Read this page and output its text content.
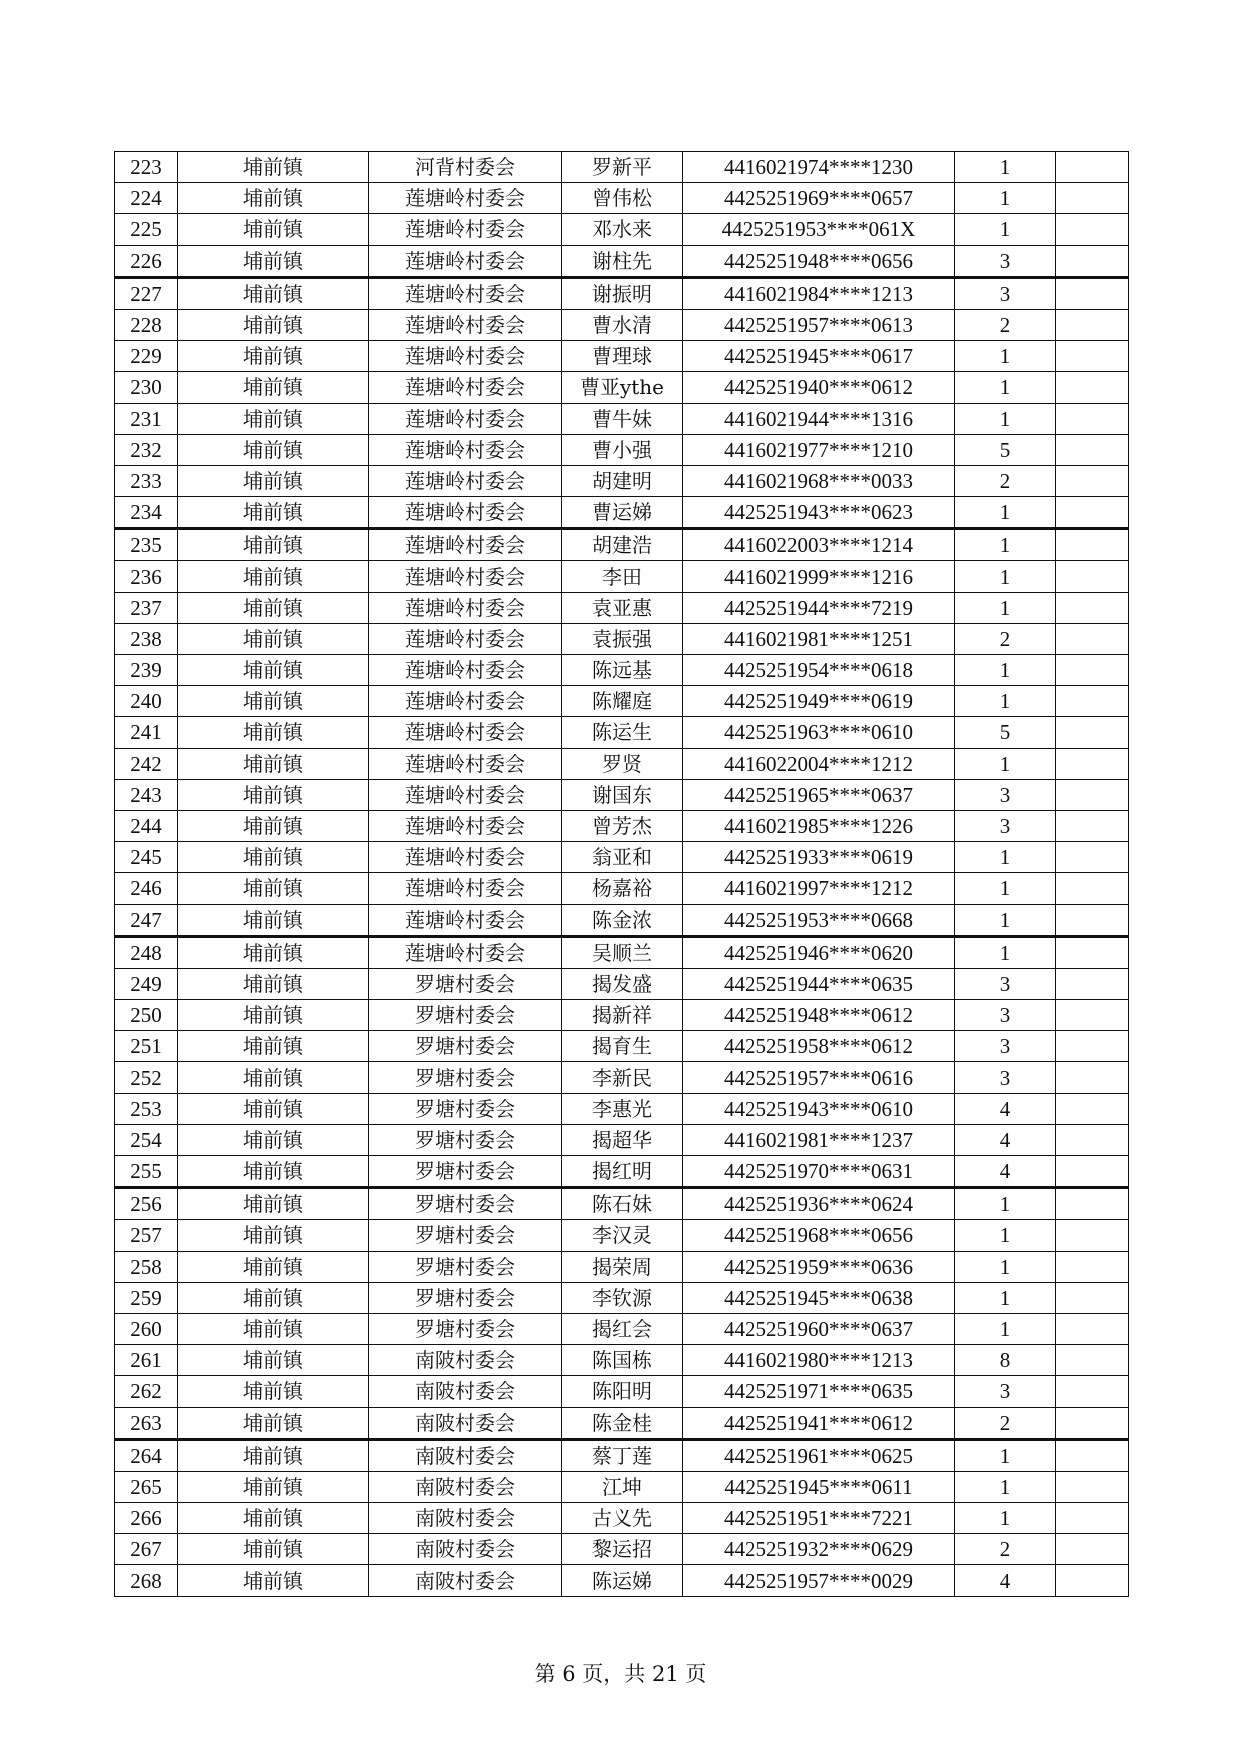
223	埔前镇	河背村委会	罗新平	4416021974****1230	1	
224	埔前镇	莲塘岭村委会	曾伟松	4425251969****0657	1	
225	埔前镇	莲塘岭村委会	邓水来	4425251953****061X	1	
226	埔前镇	莲塘岭村委会	谢柱先	4425251948****0656	3	
227	埔前镇	莲塘岭村委会	谢振明	4416021984****1213	3	
228	埔前镇	莲塘岭村委会	曹水清	4425251957****0613	2	
229	埔前镇	莲塘岭村委会	曹理球	4425251945****0617	1	
230	埔前镇	莲塘岭村委会	曹亚ythe	4425251940****0612	1	
231	埔前镇	莲塘岭村委会	曹牛妹	4416021944****1316	1	
232	埔前镇	莲塘岭村委会	曹小强	4416021977****1210	5	
233	埔前镇	莲塘岭村委会	胡建明	4416021968****0033	2	
234	埔前镇	莲塘岭村委会	曹运娣	4425251943****0623	1	
235	埔前镇	莲塘岭村委会	胡建浩	4416022003****1214	1	
236	埔前镇	莲塘岭村委会	李田	4416021999****1216	1	
237	埔前镇	莲塘岭村委会	袁亚惠	4425251944****7219	1	
238	埔前镇	莲塘岭村委会	袁振强	4416021981****1251	2	
239	埔前镇	莲塘岭村委会	陈远基	4425251954****0618	1	
240	埔前镇	莲塘岭村委会	陈耀庭	4425251949****0619	1	
241	埔前镇	莲塘岭村委会	陈运生	4425251963****0610	5	
242	埔前镇	莲塘岭村委会	罗贤	4416022004****1212	1	
243	埔前镇	莲塘岭村委会	谢国东	4425251965****0637	3	
244	埔前镇	莲塘岭村委会	曾芳杰	4416021985****1226	3	
245	埔前镇	莲塘岭村委会	翁亚和	4425251933****0619	1	
246	埔前镇	莲塘岭村委会	杨嘉裕	4416021997****1212	1	
247	埔前镇	莲塘岭村委会	陈金浓	4425251953****0668	1	
248	埔前镇	莲塘岭村委会	吴顺兰	4425251946****0620	1	
249	埔前镇	罗塘村委会	揭发盛	4425251944****0635	3	
250	埔前镇	罗塘村委会	揭新祥	4425251948****0612	3	
251	埔前镇	罗塘村委会	揭育生	4425251958****0612	3	
252	埔前镇	罗塘村委会	李新民	4425251957****0616	3	
253	埔前镇	罗塘村委会	李惠光	4425251943****0610	4	
254	埔前镇	罗塘村委会	揭超华	4416021981****1237	4	
255	埔前镇	罗塘村委会	揭红明	4425251970****0631	4	
256	埔前镇	罗塘村委会	陈石妹	4425251936****0624	1	
257	埔前镇	罗塘村委会	李汉灵	4425251968****0656	1	
258	埔前镇	罗塘村委会	揭荣周	4425251959****0636	1	
259	埔前镇	罗塘村委会	李钦源	4425251945****0638	1	
260	埔前镇	罗塘村委会	揭红会	4425251960****0637	1	
261	埔前镇	南陂村委会	陈国栋	4416021980****1213	8	
262	埔前镇	南陂村委会	陈阳明	4425251971****0635	3	
263	埔前镇	南陂村委会	陈金桂	4425251941****0612	2	
264	埔前镇	南陂村委会	蔡丁莲	4425251961****0625	1	
265	埔前镇	南陂村委会	江坤	4425251945****0611	1	
266	埔前镇	南陂村委会	古义先	4425251951****7221	1	
267	埔前镇	南陂村委会	黎运招	4425251932****0629	2	
268	埔前镇	南陂村委会	陈运娣	4425251957****0029	4	
第 6 页，共 21 页
